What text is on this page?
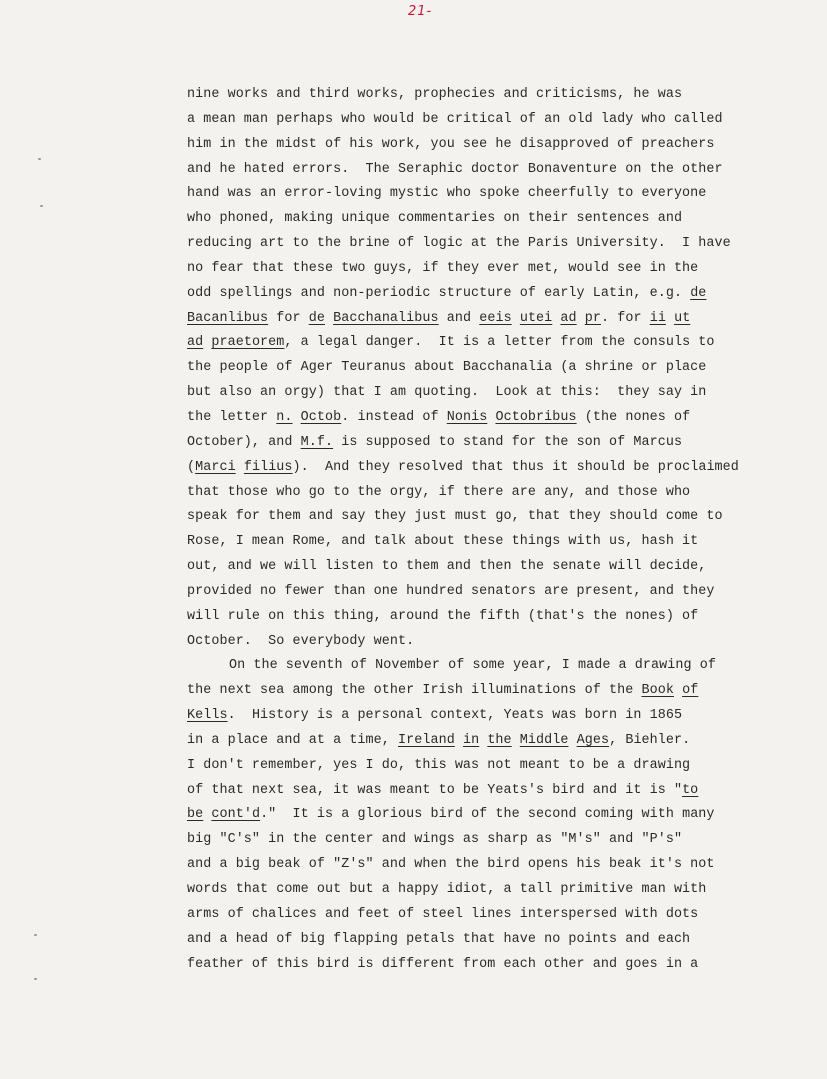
21-
nine works and third works, prophecies and criticisms, he was
a mean man perhaps who would be critical of an old lady who called
him in the midst of his work, you see he disapproved of preachers
and he hated errors.  The Seraphic doctor Bonaventure on the other
hand was an error-loving mystic who spoke cheerfully to everyone
who phoned, making unique commentaries on their sentences and
reducing art to the brine of logic at the Paris University.  I have
no fear that these two guys, if they ever met, would see in the
odd spellings and non-periodic structure of early Latin, e.g. de
Bacanlibus for de Bacchanalibus and eeis utei ad pr. for ii ut
ad praetorem, a legal danger.  It is a letter from the consuls to
the people of Ager Teuranus about Bacchanalia (a shrine or place
but also an orgy) that I am quoting.  Look at this:  they say in
the letter n. Octob. instead of Nonis Octobribus (the nones of
October), and M.f. is supposed to stand for the son of Marcus
(Marci filius).  And they resolved that thus it should be proclaimed
that those who go to the orgy, if there are any, and those who
speak for them and say they just must go, that they should come to
Rose, I mean Rome, and talk about these things with us, hash it
out, and we will listen to them and then the senate will decide,
provided no fewer than one hundred senators are present, and they
will rule on this thing, around the fifth (that's the nones) of
October.  So everybody went.
On the seventh of November of some year, I made a drawing of
the next sea among the other Irish illuminations of the Book of
Kells.  History is a personal context, Yeats was born in 1865
in a place and at a time, Ireland in the Middle Ages, Biehler.
I don't remember, yes I do, this was not meant to be a drawing
of that next sea, it was meant to be Yeats's bird and it is "to
be cont'd."  It is a glorious bird of the second coming with many
big "C's" in the center and wings as sharp as "M's" and "P's"
and a big beak of "Z's" and when the bird opens his beak it's not
words that come out but a happy idiot, a tall primitive man with
arms of chalices and feet of steel lines interspersed with dots
and a head of big flapping petals that have no points and each
feather of this bird is different from each other and goes in a
